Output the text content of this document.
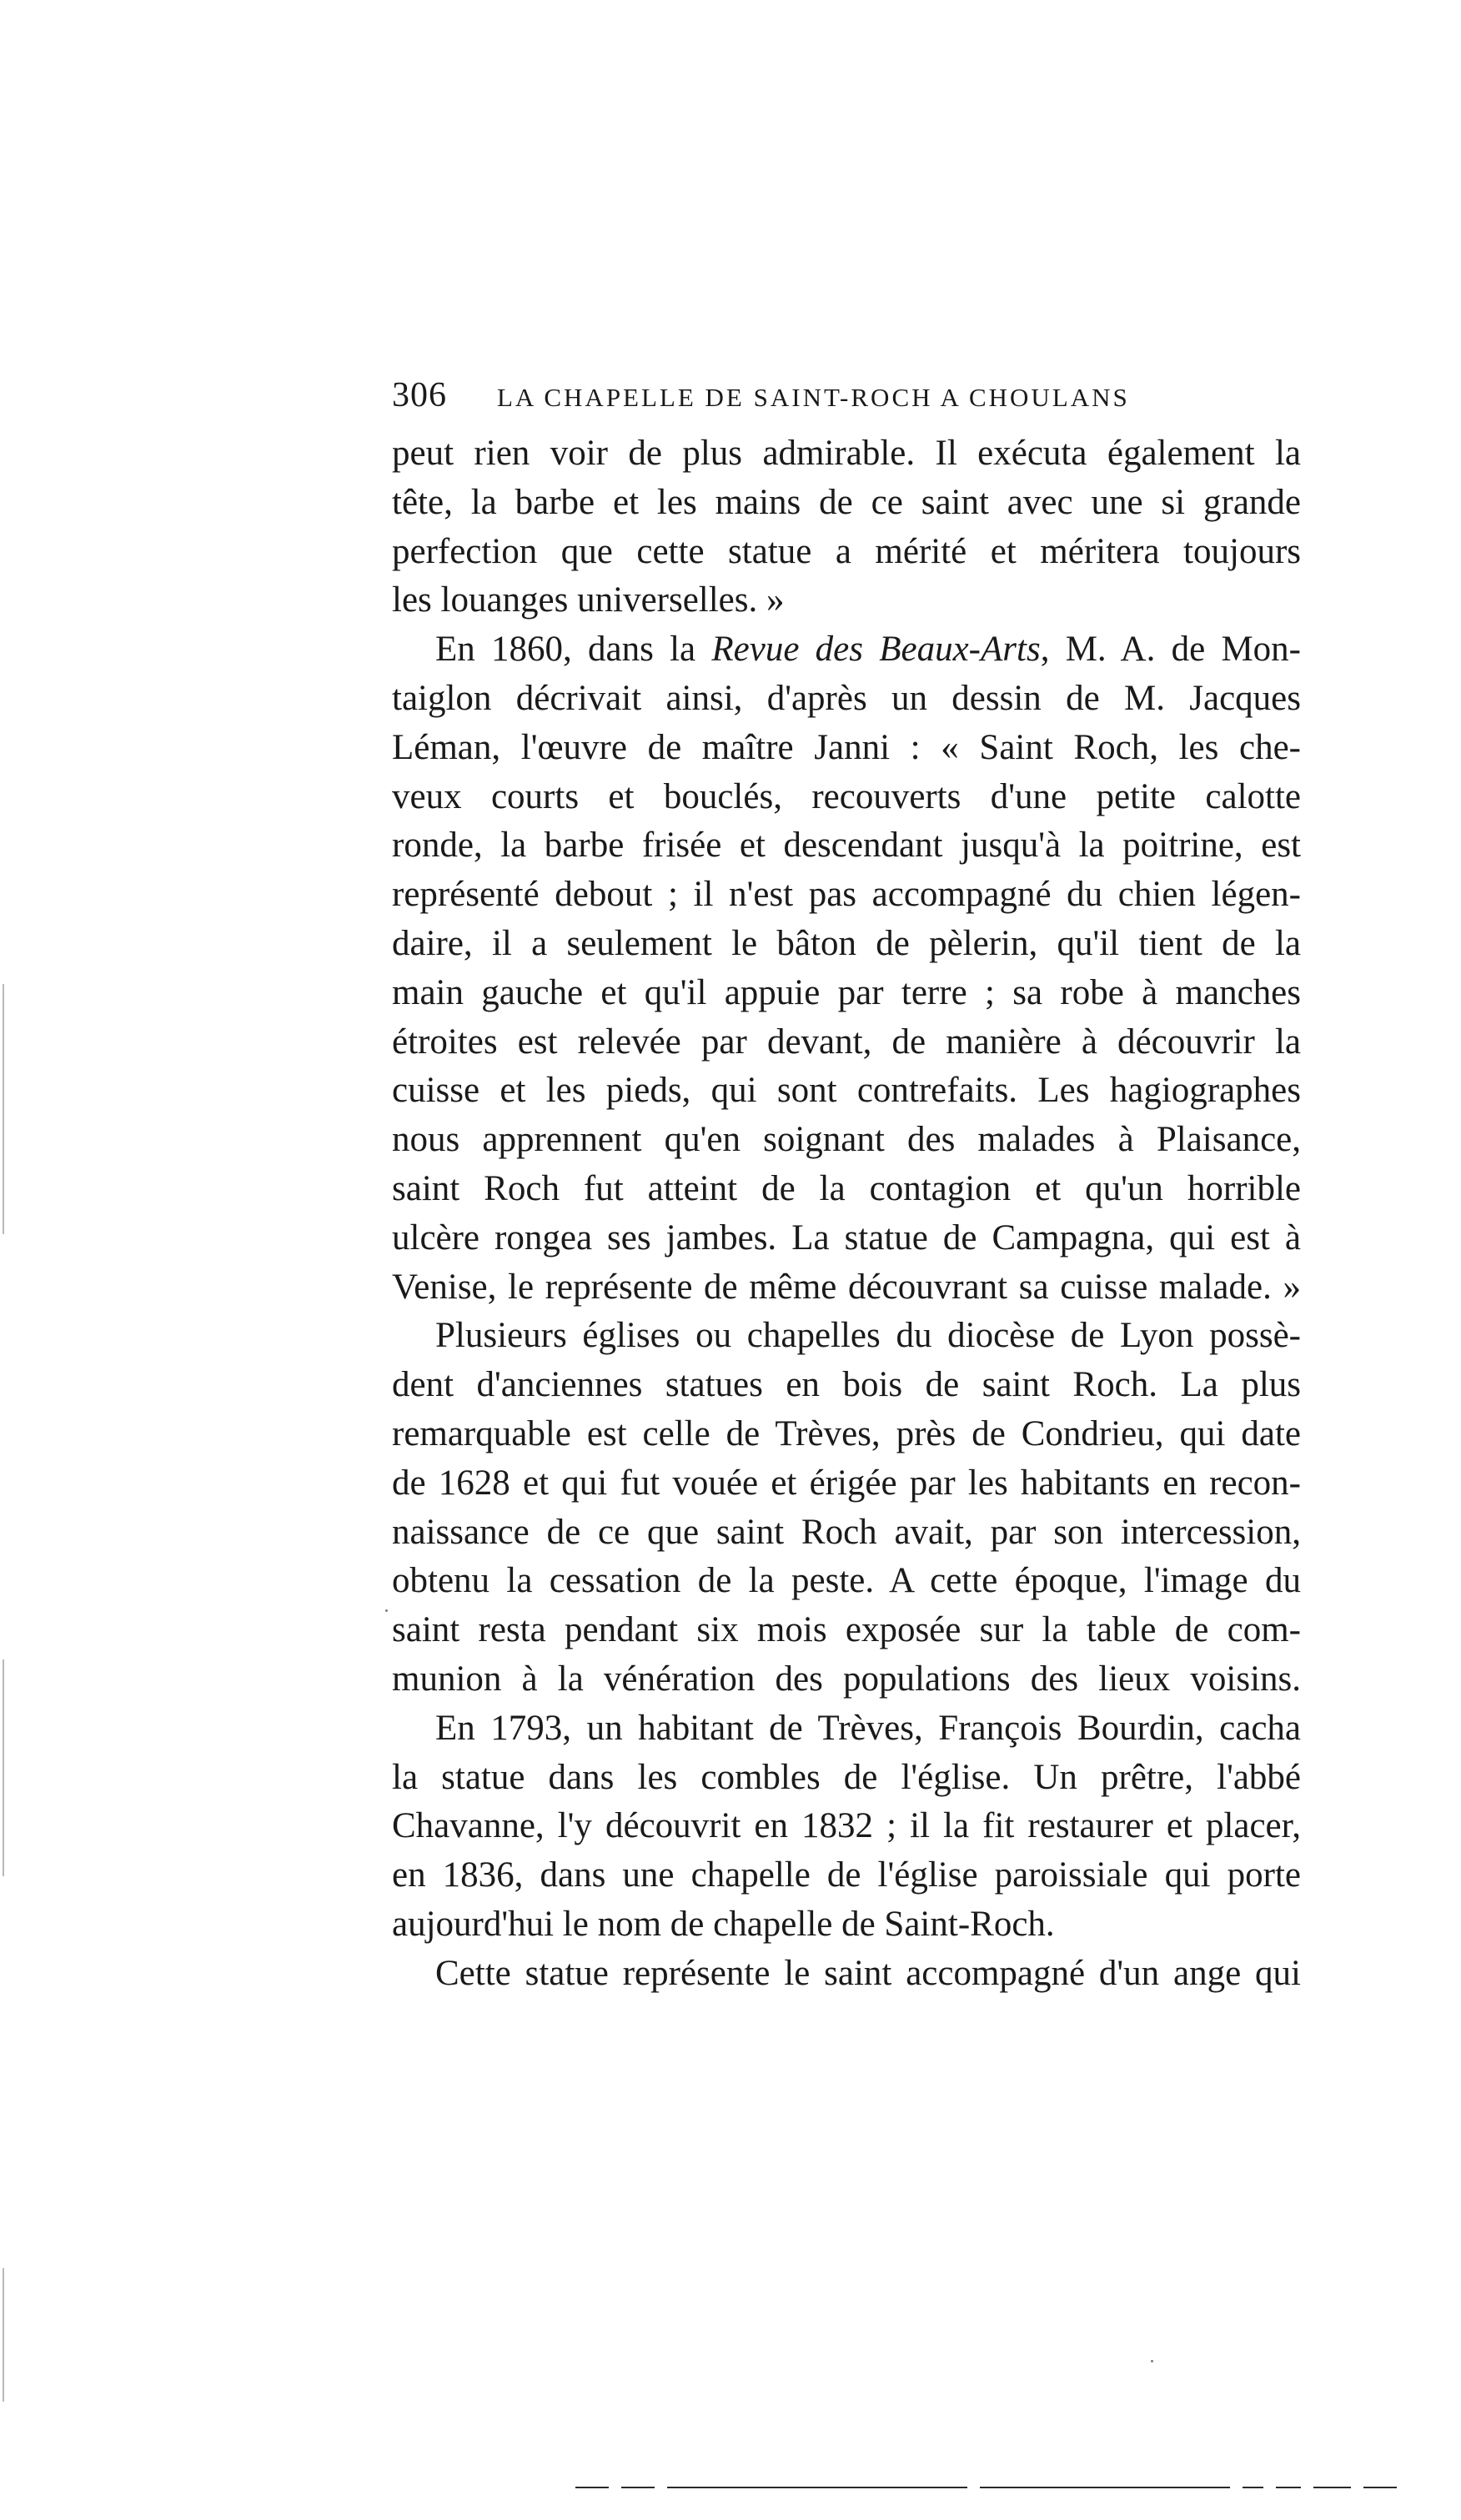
306 LA CHAPELLE DE SAINT-ROCH A CHOULANS
peut rien voir de plus admirable. Il exécuta également la
tête, la barbe et les mains de ce saint avec une si grande
perfection que cette statue a mérité et méritera toujours
les louanges universelles. »
En 1860, dans la Revue des Beaux-Arts, M. A. de Mon-
taiglon décrivait ainsi, d'après un dessin de M. Jacques
Léman, l'œuvre de maître Janni : « Saint Roch, les che-
veux courts et bouclés, recouverts d'une petite calotte
ronde, la barbe frisée et descendant jusqu'à la poitrine, est
représenté debout ; il n'est pas accompagné du chien légen-
daire, il a seulement le bâton de pèlerin, qu'il tient de la
main gauche et qu'il appuie par terre ; sa robe à manches
étroites est relevée par devant, de manière à découvrir la
cuisse et les pieds, qui sont contrefaits. Les hagiographes
nous apprennent qu'en soignant des malades à Plaisance,
saint Roch fut atteint de la contagion et qu'un horrible
ulcère rongea ses jambes. La statue de Campagna, qui est à
Venise, le représente de même découvrant sa cuisse malade. »
Plusieurs églises ou chapelles du diocèse de Lyon possè-
dent d'anciennes statues en bois de saint Roch. La plus
remarquable est celle de Trèves, près de Condrieu, qui date
de 1628 et qui fut vouée et érigée par les habitants en recon-
naissance de ce que saint Roch avait, par son intercession,
obtenu la cessation de la peste. A cette époque, l'image du
saint resta pendant six mois exposée sur la table de com-
munion à la vénération des populations des lieux voisins.
En 1793, un habitant de Trèves, François Bourdin, cacha
la statue dans les combles de l'église. Un prêtre, l'abbé
Chavanne, l'y découvrit en 1832 ; il la fit restaurer et placer,
en 1836, dans une chapelle de l'église paroissiale qui porte
aujourd'hui le nom de chapelle de Saint-Roch.
Cette statue représente le saint accompagné d'un ange qui
